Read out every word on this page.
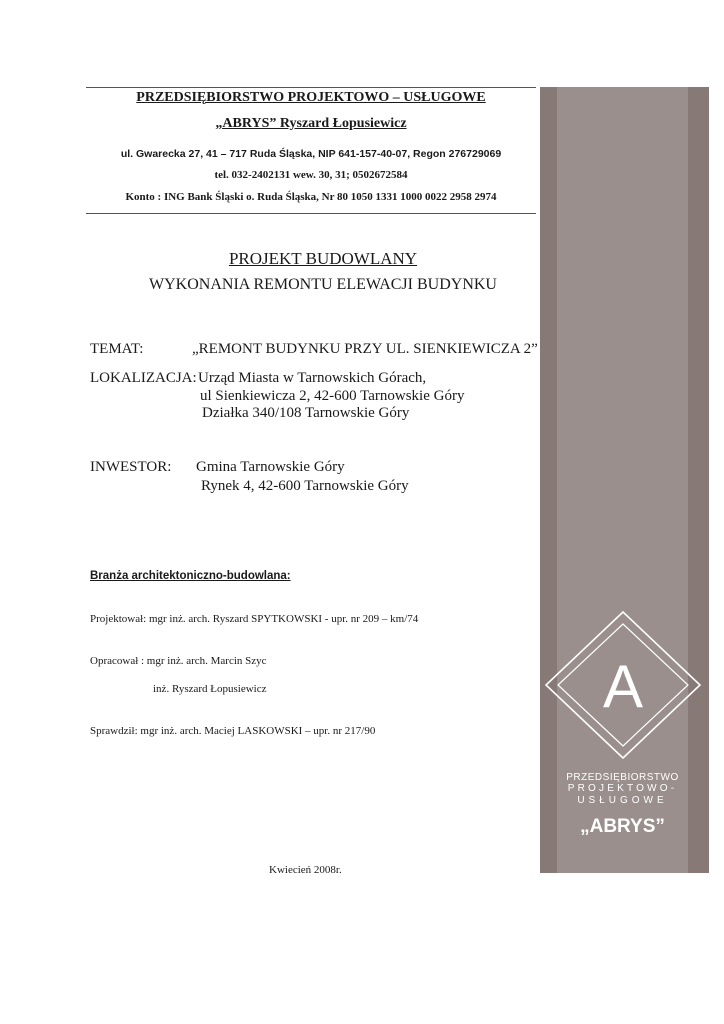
PRZEDSIĘBIORSTWO PROJEKTOWO – USŁUGOWE
„ABRYS” Ryszard Łopusiewicz
ul. Gwarecka 27, 41 – 717 Ruda Śląska, NIP 641-157-40-07, Regon 276729069
tel. 032-2402131 wew. 30, 31; 0502672584
Konto : ING Bank Śląski o. Ruda Śląska, Nr 80 1050 1331 1000 0022 2958 2974
PROJEKT BUDOWLANY
WYKONANIA REMONTU ELEWACJI BUDYNKU
TEMAT:	„REMONT BUDYNKU PRZY UL. SIENKIEWICZA 2”
LOKALIZACJA: Urząd Miasta w Tarnowskich Górach,
ul Sienkiewicza 2, 42-600 Tarnowskie Góry
Działka 340/108 Tarnowskie Góry
INWESTOR: Gmina Tarnowskie Góry
Rynek 4, 42-600 Tarnowskie Góry
Branża architektoniczno-budowlana:
Projektował: mgr inż. arch. Ryszard SPYTKOWSKI - upr. nr 209 – km/74
Opracował : mgr inż. arch. Marcin Szyc
inż. Ryszard Łopusiewicz
Sprawdził: mgr inż. arch. Maciej LASKOWSKI – upr. nr 217/90
Kwiecień 2008r.
A
PRZEDSIĘBIORSTWO
PROJEKTOWO-
USŁUGOWE
„ABRYS”
